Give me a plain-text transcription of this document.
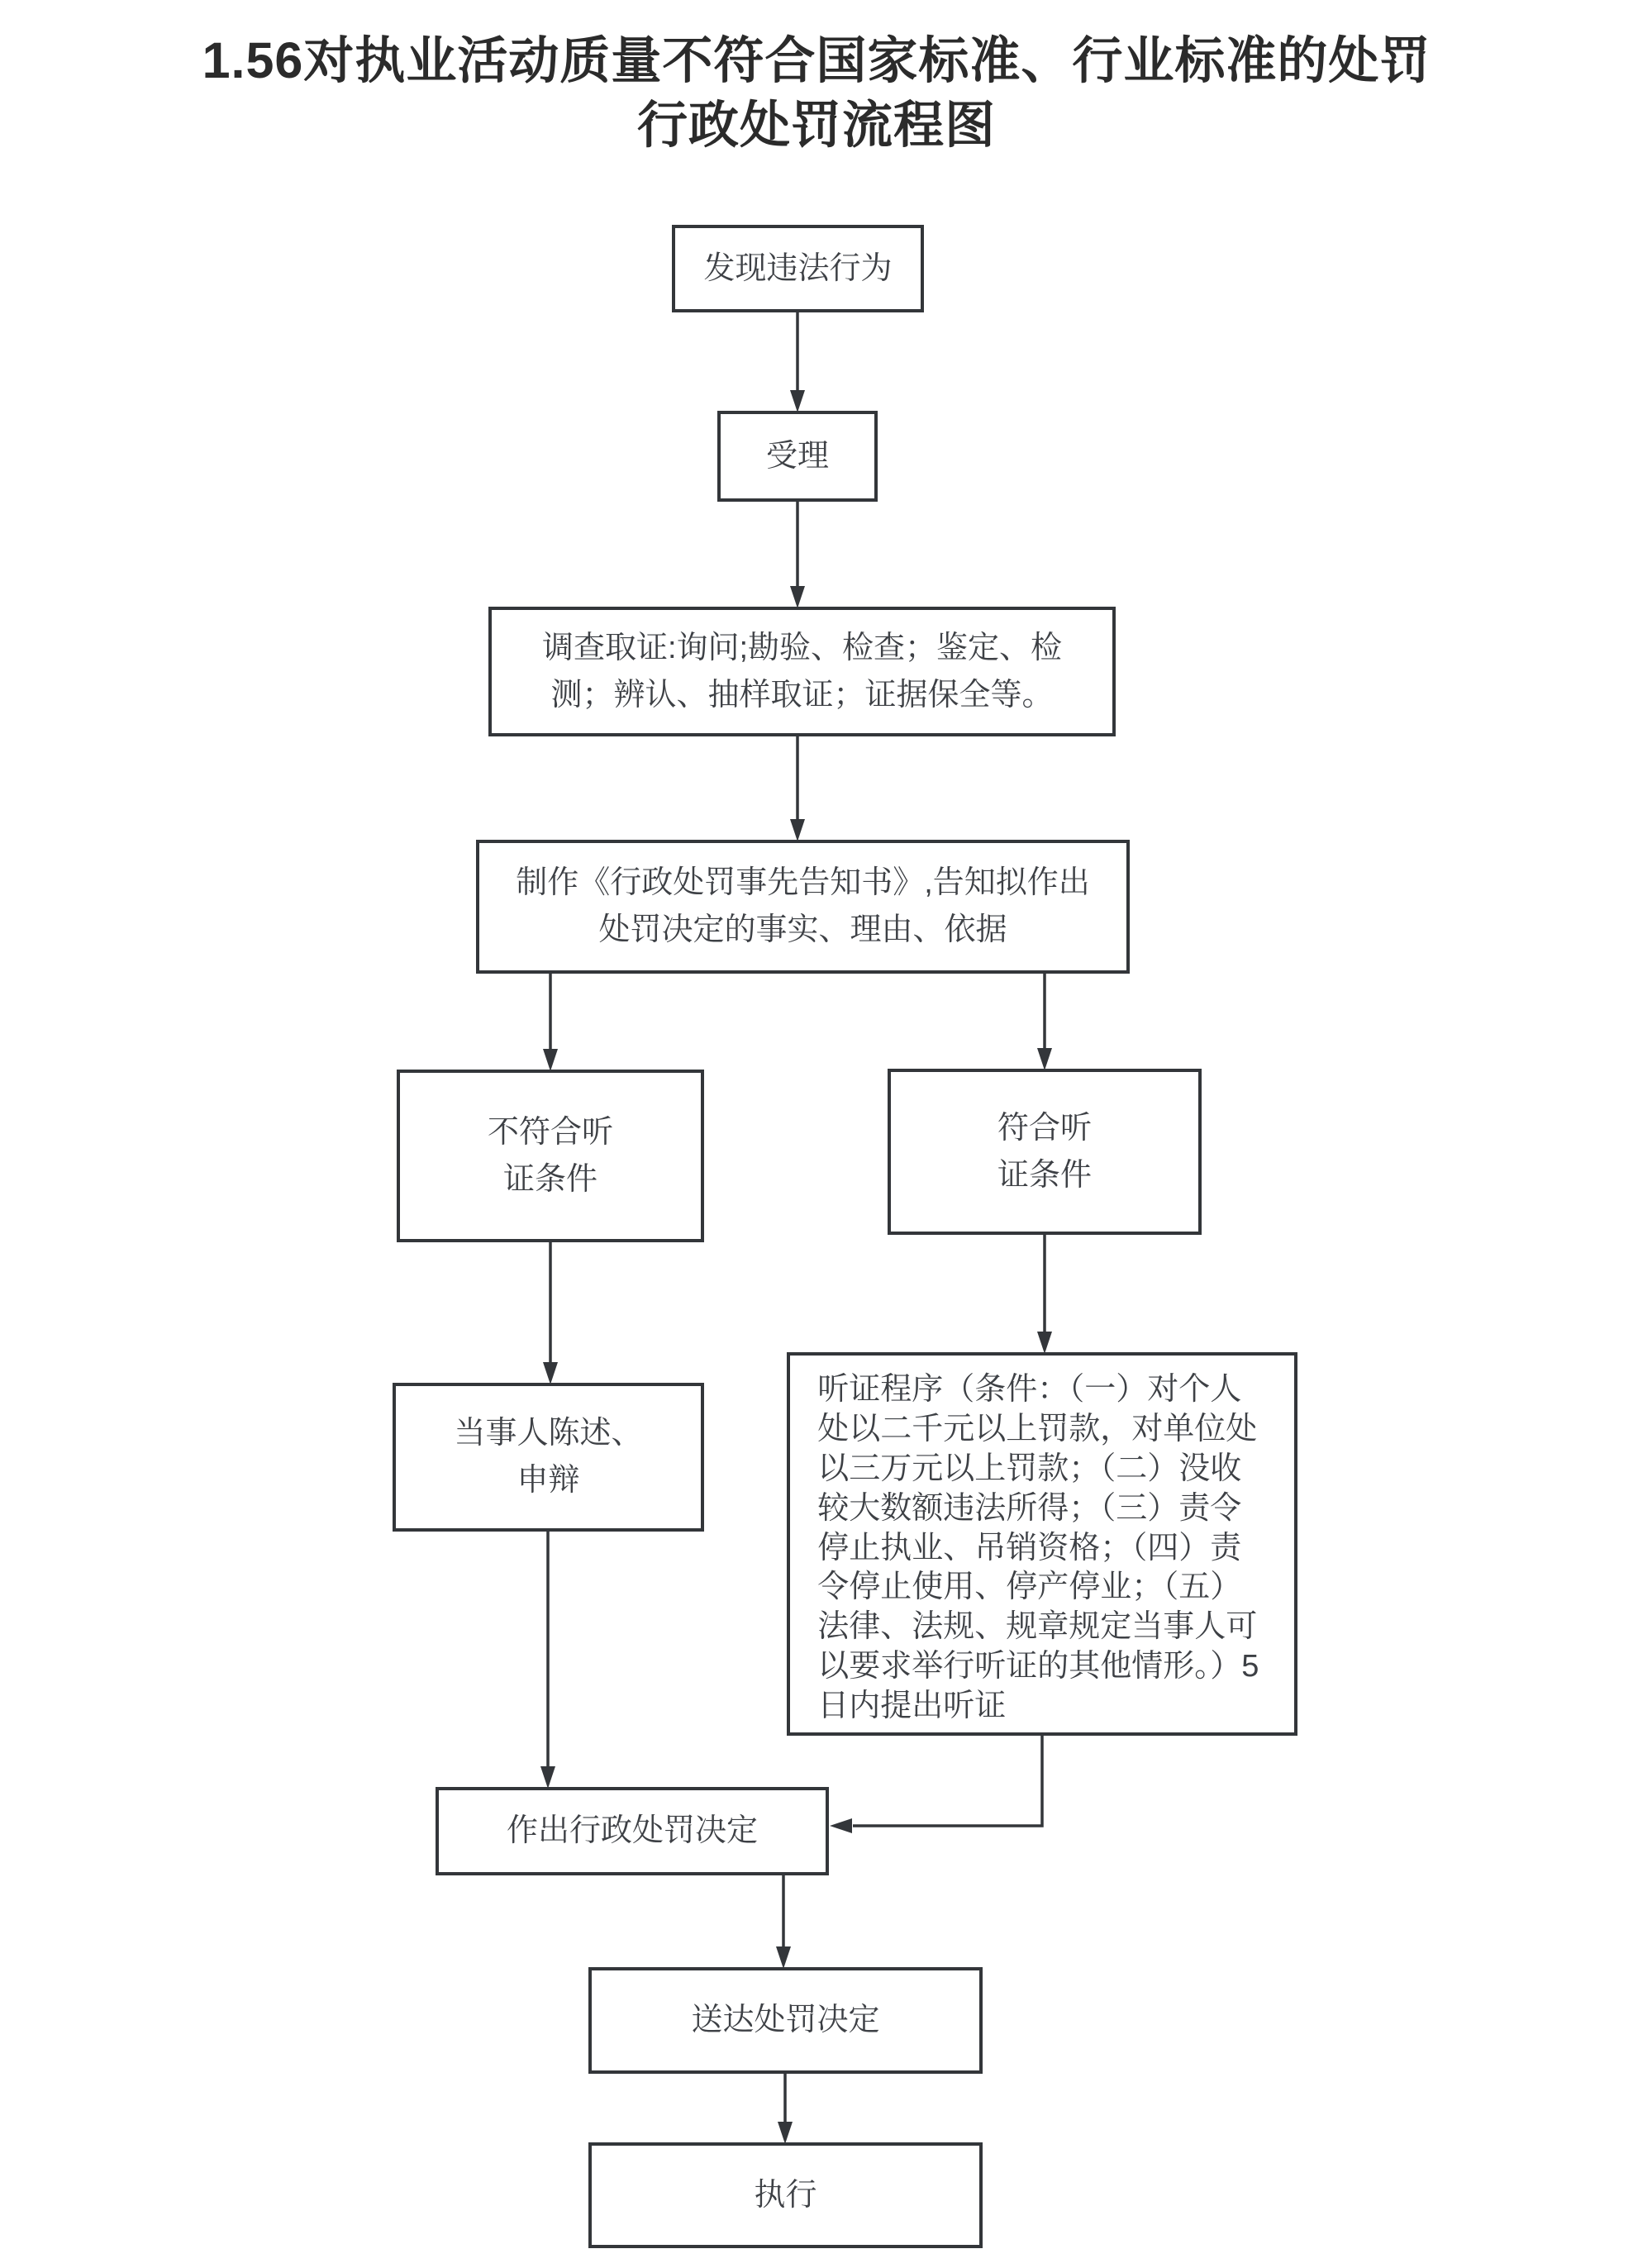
1.56对执业活动质量不符合国家标准、行业标准的处罚
行政处罚流程图
发现违法行为
受理
调查取证:询问;勘验、检查；鉴定、检测；辨认、抽样取证；证据保全等。
制作《行政处罚事先告知书》,告知拟作出处罚决定的事实、理由、依据
不符合听证条件
符合听证条件
当事人陈述、申辩
听证程序（条件：（一）对个人处以二千元以上罚款，对单位处以三万元以上罚款；（二）没收较大数额违法所得；（三）责令停止执业、吊销资格；（四）责令停止使用、停产停业；（五）法律、法规、规章规定当事人可以要求举行听证的其他情形。）5日内提出听证
作出行政处罚决定
送达处罚决定
执行
